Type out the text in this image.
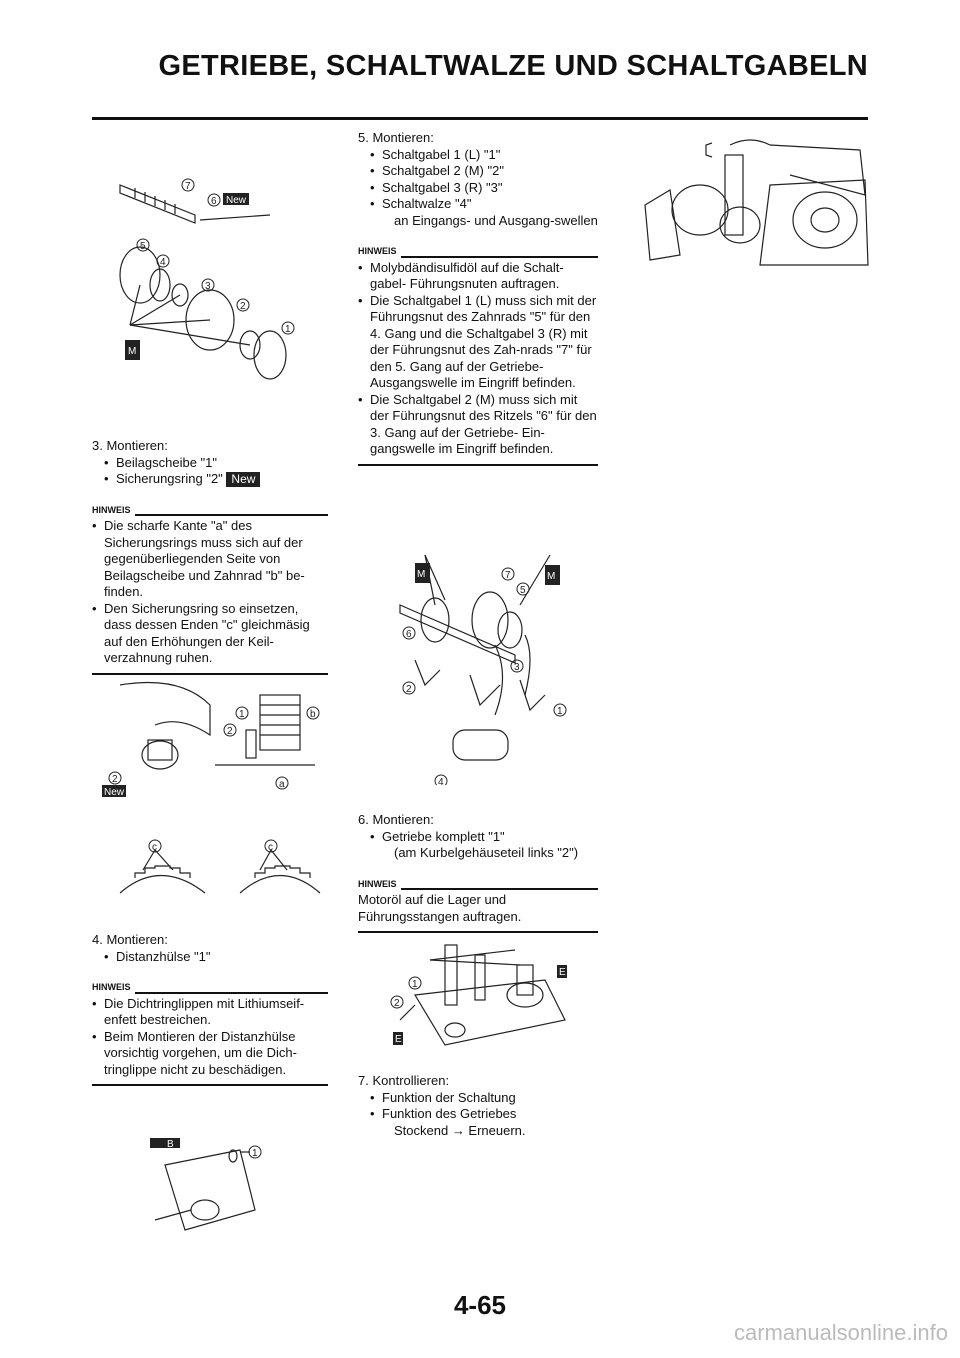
GETRIEBE, SCHALTWALZE UND SCHALTGABELN
7
6 New
5
4
3
2
1
M
3. Montieren:
• Beilagscheibe "1"
• Sicherungsring "2" New
HINWEIS
• Die scharfe Kante "a" des Sicherungsrings muss sich auf der gegenüberliegenden Seite von Beilagscheibe und Zahnrad "b" be-finden.
• Den Sicherungsring so einsetzen, dass dessen Enden "c" gleichmäsig auf den Erhöhungen der Keil-verzahnung ruhen.
1
2
b
a
2
New
c	c
4. Montieren:
• Distanzhülse "1"
HINWEIS
• Die Dichtringlippen mit Lithiumseif-enfett bestreichen.
• Beim Montieren der Distanzhülse vorsichtig vorgehen, um die Dich-tringlippe nicht zu beschädigen.
B
1
5. Montieren:
• Schaltgabel 1 (L) "1"
• Schaltgabel 2 (M) "2"
• Schaltgabel 3 (R) "3"
• Schaltwalze "4"
an Eingangs- und Ausgang-swellen
HINWEIS
• Molybdändisulfidöl auf die Schalt-gabel- Führungsnuten auftragen.
• Die Schaltgabel 1 (L) muss sich mit der Führungsnut des Zahnrads "5" für den 4. Gang und die Schaltgabel 3 (R) mit der Führungsnut des Zah-nrads "7" für den 5. Gang auf der Getriebe-Ausgangswelle im Eingriff befinden.
• Die Schaltgabel 2 (M) muss sich mit der Führungsnut des Ritzels "6" für den 3. Gang auf der Getriebe- Ein-gangswelle im Eingriff befinden.
M	M
7
5
6
3
2
1
4
6. Montieren:
• Getriebe komplett "1"
(am Kurbelgehäuseteil links "2")
HINWEIS
Motoröl auf die Lager und Führungsstangen auftragen.
E
1
2
E
7. Kontrollieren:
• Funktion der Schaltung
• Funktion des Getriebes
Stockend → Erneuern.
4-65
carmanualsonline.info
